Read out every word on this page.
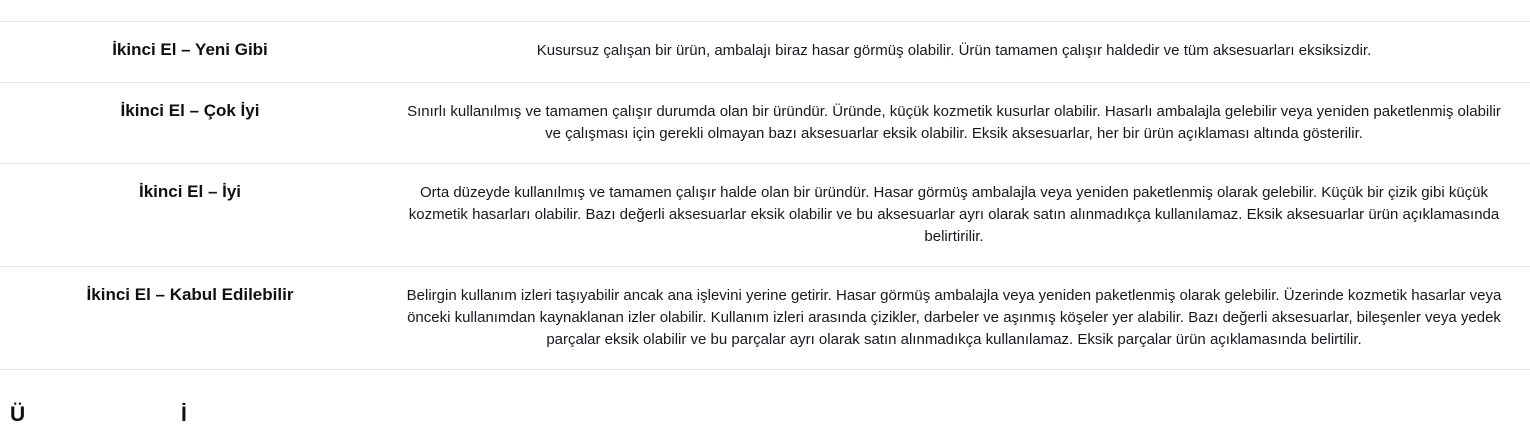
İkinci El – Yeni Gibi	Kusursuz çalışan bir ürün, ambalajı biraz hasar görmüş olabilir. Ürün tamamen çalışır haldedir ve tüm aksesuarları eksiksizdir.
İkinci El – Çok İyi	Sınırlı kullanılmış ve tamamen çalışır durumda olan bir üründür. Üründe, küçük kozmetik kusurlar olabilir. Hasarlı ambalajla gelebilir veya yeniden paketlenmiş olabilir ve çalışması için gerekli olmayan bazı aksesuarlar eksik olabilir. Eksik aksesuarlar, her bir ürün açıklaması altında gösterilir.
İkinci El – İyi	Orta düzeyde kullanılmış ve tamamen çalışır halde olan bir üründür. Hasar görmüş ambalajla veya yeniden paketlenmiş olarak gelebilir. Küçük bir çizik gibi küçük kozmetik hasarları olabilir. Bazı değerli aksesuarlar eksik olabilir ve bu aksesuarlar ayrı olarak satın alınmadıkça kullanılamaz. Eksik aksesuarlar ürün açıklamasında belirtirilir.
İkinci El – Kabul Edilebilir	Belirgin kullanım izleri taşıyabilir ancak ana işlevini yerine getirir. Hasar görmüş ambalajla veya yeniden paketlenmiş olarak gelebilir. Üzerinde kozmetik hasarlar veya önceki kullanımdan kaynaklanan izler olabilir. Kullanım izleri arasında çizikler, darbeler ve aşınmış köşeler yer alabilir. Bazı değerli aksesuarlar, bileşenler veya yedek parçalar eksik olabilir ve bu parçalar ayrı olarak satın alınmadıkça kullanılamaz. Eksik parçalar ürün açıklamasında belirtilir.
Ü	İ
